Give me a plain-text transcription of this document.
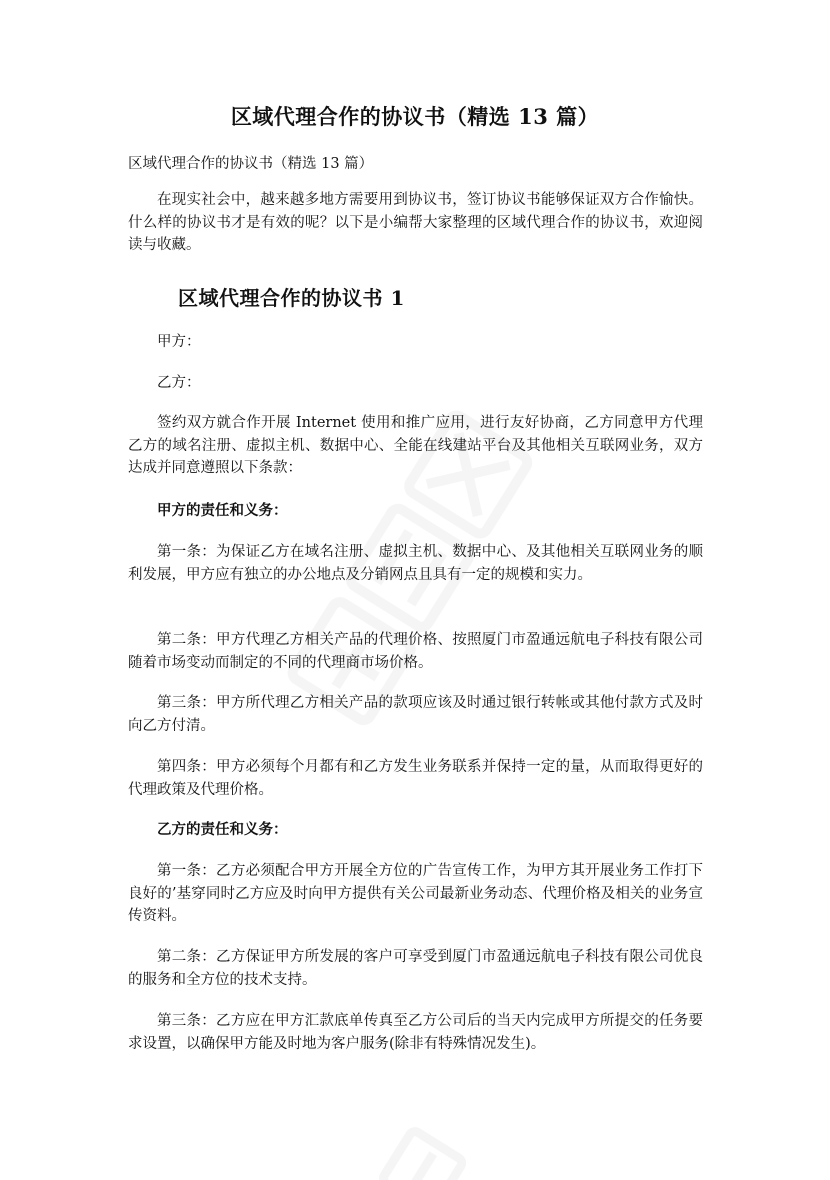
区域代理合作的协议书（精选 13 篇）
区域代理合作的协议书（精选 13 篇）
在现实社会中，越来越多地方需要用到协议书，签订协议书能够保证双方合作愉快。什么样的协议书才是有效的呢？以下是小编帮大家整理的区域代理合作的协议书，欢迎阅读与收藏。
区域代理合作的协议书 1
甲方：
乙方：
签约双方就合作开展 Internet 使用和推广应用，进行友好协商，乙方同意甲方代理乙方的域名注册、虚拟主机、数据中心、全能在线建站平台及其他相关互联网业务，双方达成并同意遵照以下条款：
甲方的责任和义务：
第一条：为保证乙方在域名注册、虚拟主机、数据中心、及其他相关互联网业务的顺利发展，甲方应有独立的办公地点及分销网点且具有一定的规模和实力。
第二条：甲方代理乙方相关产品的代理价格、按照厦门市盈通远航电子科技有限公司随着市场变动而制定的不同的代理商市场价格。
第三条：甲方所代理乙方相关产品的款项应该及时通过银行转帐或其他付款方式及时向乙方付清。
第四条：甲方必须每个月都有和乙方发生业务联系并保持一定的量，从而取得更好的代理政策及代理价格。
乙方的责任和义务：
第一条：乙方必须配合甲方开展全方位的广告宣传工作，为甲方其开展业务工作打下良好的’基穿同时乙方应及时向甲方提供有关公司最新业务动态、代理价格及相关的业务宣传资料。
第二条：乙方保证甲方所发展的客户可享受到厦门市盈通远航电子科技有限公司优良的服务和全方位的技术支持。
第三条：乙方应在甲方汇款底单传真至乙方公司后的当天内完成甲方所提交的任务要求设置，以确保甲方能及时地为客户服务(除非有特殊情况发生)。
